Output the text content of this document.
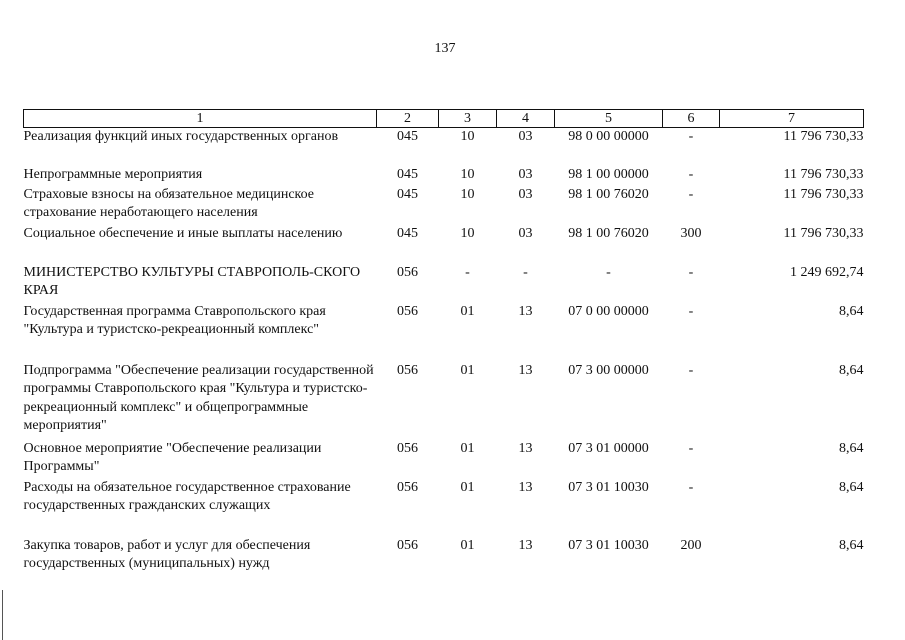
137
1	2	3	4	5	6	7
Реализация функций иных государственных органов	045	10	03	98 0 00 00000	-	11 796 730,33
Непрограммные мероприятия	045	10	03	98 1 00 00000	-	11 796 730,33
Страховые взносы на обязательное медицинское страхование неработающего населения	045	10	03	98 1 00 76020	-	11 796 730,33
Социальное обеспечение и иные выплаты населению	045	10	03	98 1 00 76020	300	11 796 730,33
МИНИСТЕРСТВО КУЛЬТУРЫ СТАВРОПОЛЬ-СКОГО КРАЯ	056	-	-	-	-	1 249 692,74
Государственная программа Ставропольского края "Культура и туристско-рекреационный комплекс"	056	01	13	07 0 00 00000	-	8,64
Подпрограмма "Обеспечение реализации государственной программы Ставропольского края "Культура и туристско-рекреационный комплекс" и общепрограммные мероприятия"	056	01	13	07 3 00 00000	-	8,64
Основное мероприятие "Обеспечение реализации Программы"	056	01	13	07 3 01 00000	-	8,64
Расходы на обязательное государственное страхование государственных гражданских служащих	056	01	13	07 3 01 10030	-	8,64
Закупка товаров, работ и услуг для обеспечения государственных (муниципальных) нужд	056	01	13	07 3 01 10030	200	8,64
